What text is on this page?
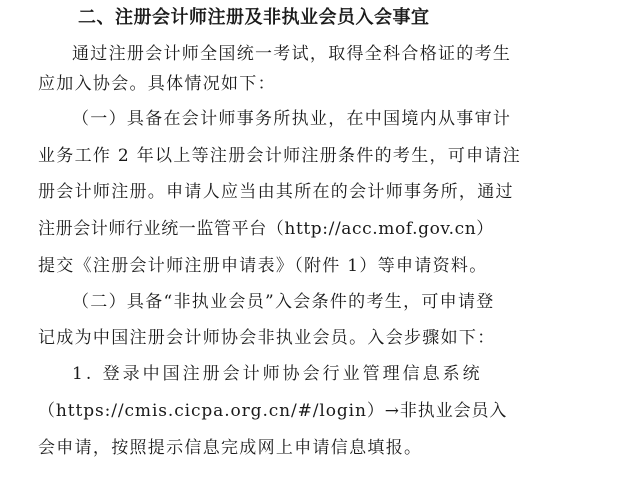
二、注册会计师注册及非执业会员入会事宜
通过注册会计师全国统一考试，取得全科合格证的考生
应加入协会。具体情况如下：
（一）具备在会计师事务所执业，在中国境内从事审计
业务工作 2 年以上等注册会计师注册条件的考生，可申请注
册会计师注册。申请人应当由其所在的会计师事务所，通过
注册会计师行业统一监管平台（http://acc.mof.gov.cn）
提交《注册会计师注册申请表》（附件 1）等申请资料。
（二）具备“非执业会员”入会条件的考生，可申请登
记成为中国注册会计师协会非执业会员。入会步骤如下：
1. 登录中国注册会计师协会行业管理信息系统
（https://cmis.cicpa.org.cn/#/login）→非执业会员入
会申请，按照提示信息完成网上申请信息填报。
